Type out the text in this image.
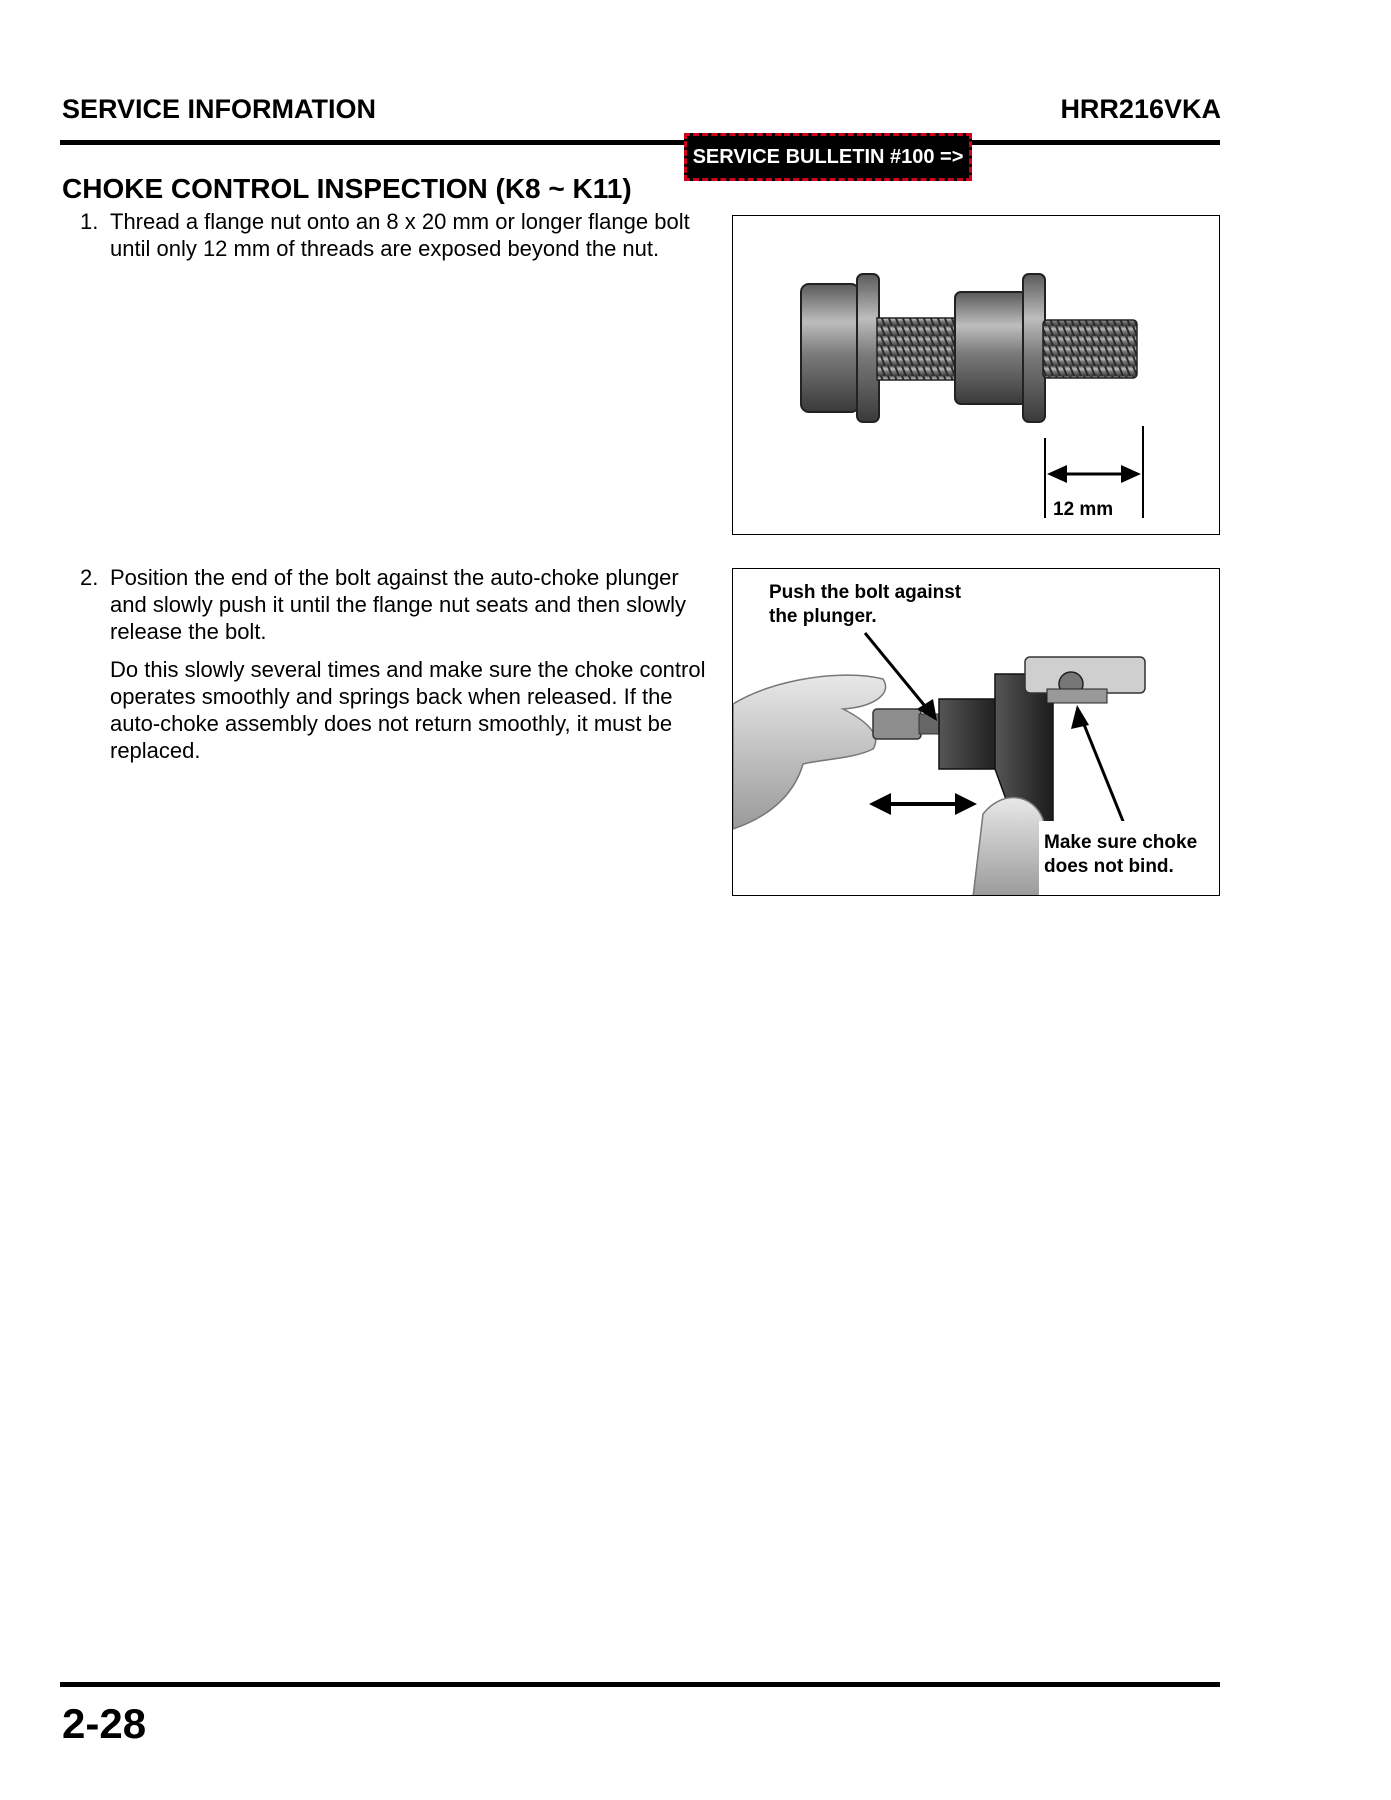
SERVICE INFORMATION	HRR216VKA
SERVICE BULLETIN #100 =>
CHOKE CONTROL INSPECTION (K8 ~ K11)
1. Thread a flange nut onto an 8 x 20 mm or longer flange bolt
until only 12 mm of threads are exposed beyond the nut.
2. Position the end of the bolt against the auto-choke plunger
and slowly push it until the flange nut seats and then slowly
release the bolt.
Do this slowly several times and make sure the choke control
operates smoothly and springs back when released. If the
auto-choke assembly does not return smoothly, it must be
replaced.
12 mm
Push the bolt against
the plunger.
Make sure choke
does not bind.
2-28
